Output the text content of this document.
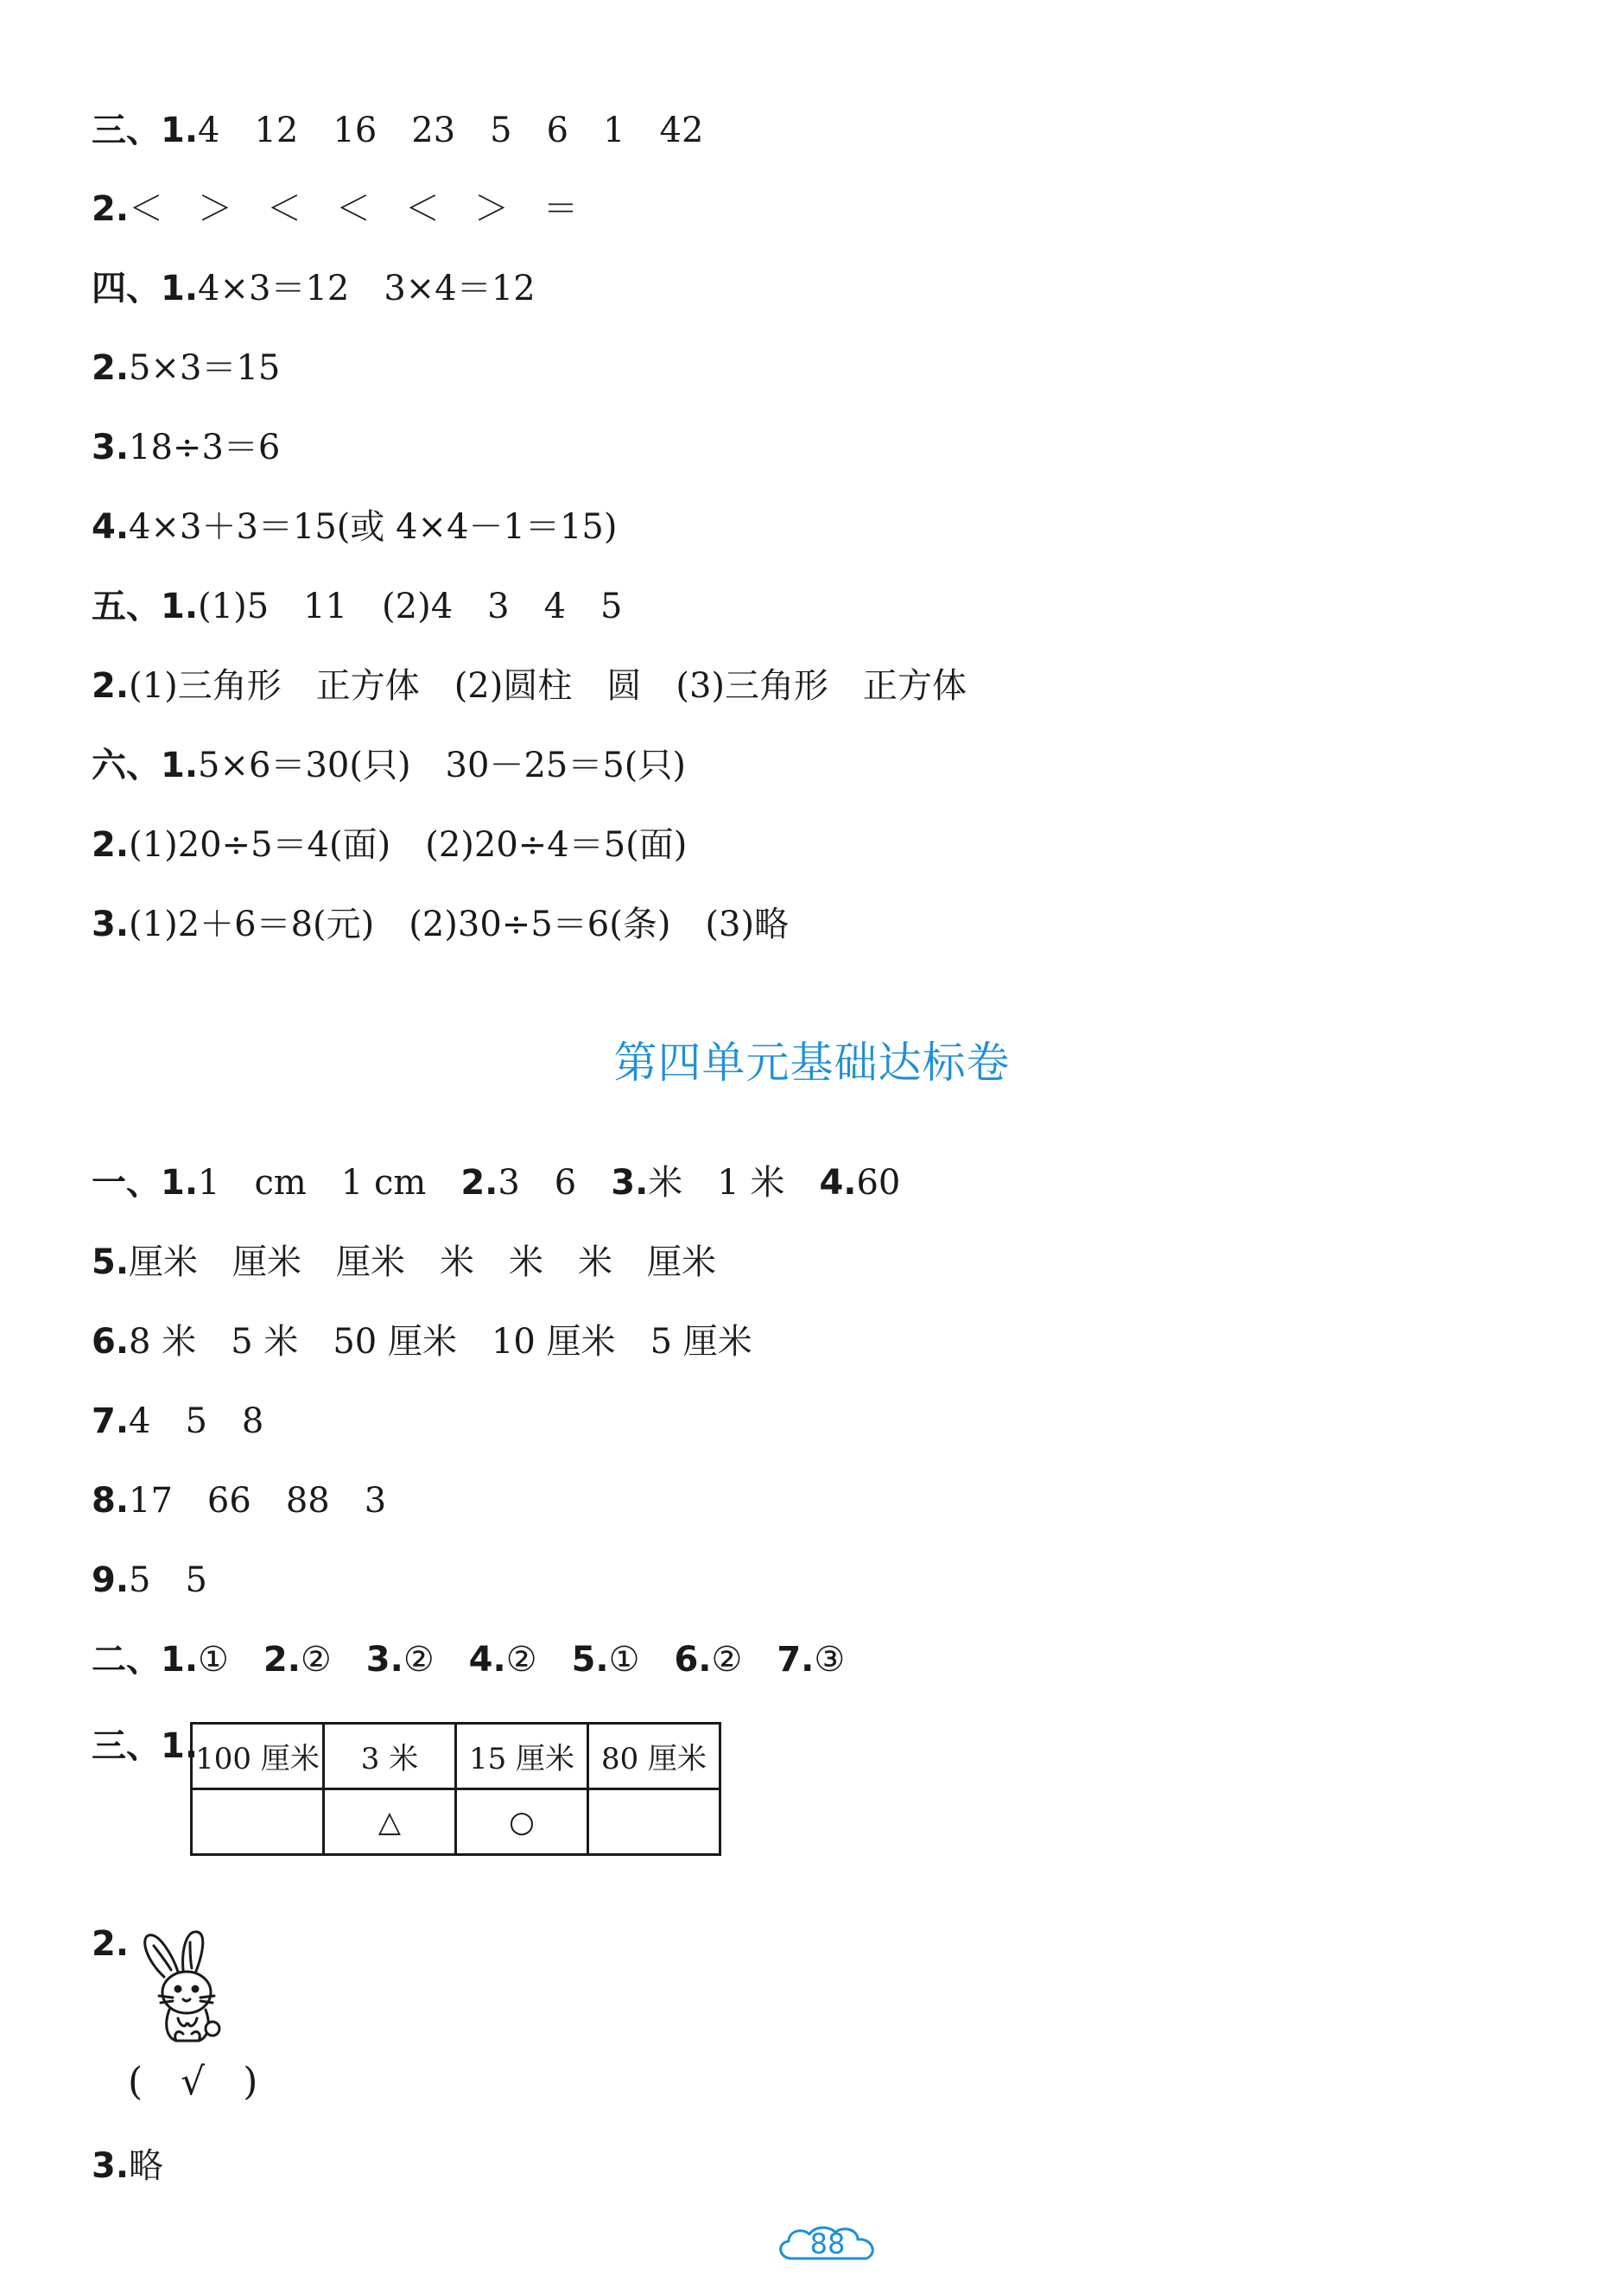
三、1.4　12　16　23　5　6　1　42
2.＜　＞　＜　＜　＜　＞　＝
四、1.4×3＝12　3×4＝12
2.5×3＝15
3.18÷3＝6
4.4×3＋3＝15(或 4×4－1＝15)
五、1.(1)5　11　(2)4　3　4　5
2.(1)三角形　正方体　(2)圆柱　圆　(3)三角形　正方体
六、1.5×6＝30(只)　30－25＝5(只)
2.(1)20÷5＝4(面)　(2)20÷4＝5(面)
3.(1)2＋6＝8(元)　(2)30÷5＝6(条)　(3)略
第四单元基础达标卷
一、1.1　cm　1 cm　2.3　6　3.米　1 米　4.60
5.厘米　厘米　厘米　米　米　米　厘米
6.8 米　5 米　50 厘米　10 厘米　5 厘米
7.4　5　8
8.17　66　88　3
9.5　5
二、1.①　2.②　3.②　4.②　5.①　6.②　7.③
三、1.
100 厘米	3 米	15 厘米	80 厘米
	△	○	
2.
(　√　)
3.略
88
